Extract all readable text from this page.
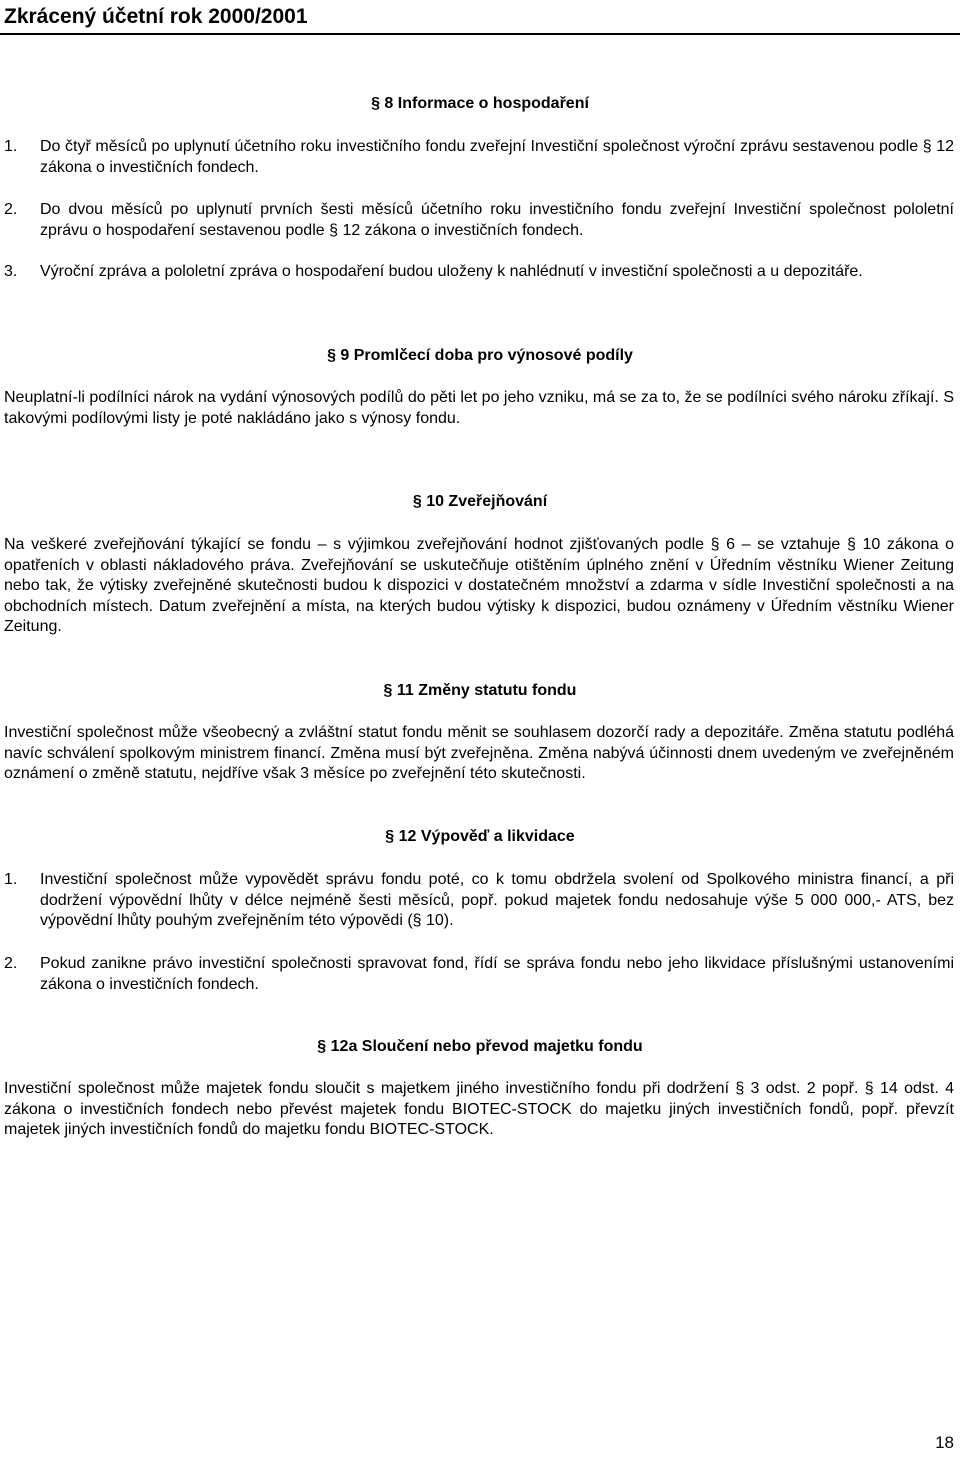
Zkrácený účetní rok 2000/2001
§ 8 Informace o hospodaření
1.	Do čtyř měsíců po uplynutí účetního roku investičního fondu zveřejní Investiční společnost výroční zprávu sestavenou podle § 12 zákona o investičních fondech.
2.	Do dvou měsíců po uplynutí prvních šesti měsíců účetního roku investičního fondu zveřejní Investiční společnost pololetní zprávu o hospodaření sestavenou podle § 12 zákona o investičních fondech.
3.	Výroční zpráva a pololetní zpráva o hospodaření budou uloženy k nahlédnutí v investiční společnosti a u depozitáře.
§ 9 Promlčecí doba pro výnosové podíly
Neuplatní-li podílníci nárok na vydání výnosových podílů do pěti let po jeho vzniku, má se za to, že se podílníci svého nároku zříkají. S takovými podílovými listy je poté nakládáno jako s výnosy fondu.
§ 10 Zveřejňování
Na veškeré zveřejňování týkající se fondu – s výjimkou zveřejňování hodnot zjišťovaných podle § 6 – se vztahuje § 10 zákona o opatřeních v oblasti nákladového práva. Zveřejňování se uskutečňuje otištěním úplného znění v Úředním věstníku Wiener Zeitung nebo tak, že výtisky zveřejněné skutečnosti budou k dispozici v dostatečném množství a zdarma v sídle Investiční společnosti a na obchodních místech. Datum zveřejnění a místa, na kterých budou výtisky k dispozici, budou oznámeny v Úředním věstníku Wiener Zeitung.
§ 11 Změny statutu fondu
Investiční společnost může všeobecný a zvláštní statut fondu měnit se souhlasem dozorčí rady a depozitáře. Změna statutu podléhá navíc schválení spolkovým ministrem financí. Změna musí být zveřejněna. Změna nabývá účinnosti dnem uvedeným ve zveřejněném oznámení o změně statutu, nejdříve však 3 měsíce po zveřejnění této skutečnosti.
§ 12 Výpověď a likvidace
1.	Investiční společnost může vypovědět správu fondu poté, co k tomu obdržela svolení od Spolkového ministra financí, a při dodržení výpovědní lhůty v délce nejméně šesti měsíců, popř. pokud majetek fondu nedosahuje výše 5 000 000,- ATS, bez výpovědní lhůty pouhým zveřejněním této výpovědi (§ 10).
2.	Pokud zanikne právo investiční společnosti spravovat fond, řídí se správa fondu nebo jeho likvidace příslušnými ustanoveními zákona o investičních fondech.
§ 12a Sloučení nebo převod majetku fondu
Investiční společnost může majetek fondu sloučit s majetkem jiného investičního fondu při dodržení § 3 odst. 2 popř. § 14 odst. 4 zákona o investičních fondech nebo převést majetek fondu BIOTEC-STOCK do majetku jiných investičních fondů, popř. převzít majetek jiných investičních fondů do majetku fondu BIOTEC-STOCK.
18
